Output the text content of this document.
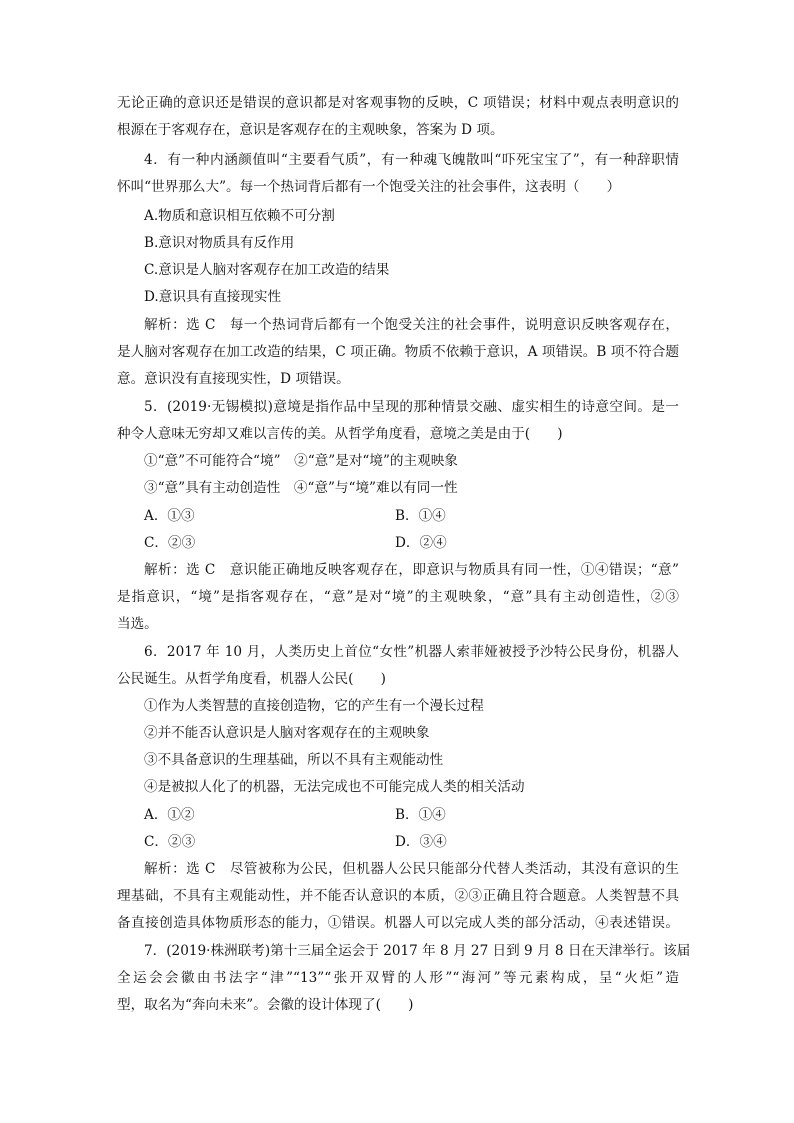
无论正确的意识还是错误的意识都是对客观事物的反映，C 项错误；材料中观点表明意识的
根源在于客观存在，意识是客观存在的主观映象，答案为 D 项。
4．有一种内涵颜值叫“主要看气质”，有一种魂飞魄散叫“吓死宝宝了”，有一种辞职情
怀叫“世界那么大”。每一个热词背后都有一个饱受关注的社会事件，这表明（　　）
A.物质和意识相互依赖不可分割
B.意识对物质具有反作用
C.意识是人脑对客观存在加工改造的结果
D.意识具有直接现实性
解析：选 C　每一个热词背后都有一个饱受关注的社会事件，说明意识反映客观存在，
是人脑对客观存在加工改造的结果，C 项正确。物质不依赖于意识，A 项错误。B 项不符合题
意。意识没有直接现实性，D 项错误。
5．(2019·无锡模拟)意境是指作品中呈现的那种情景交融、虚实相生的诗意空间。是一
种令人意味无穷却又难以言传的美。从哲学角度看，意境之美是由于(　　)
①“意”不可能符合“境”　②“意”是对“境”的主观映象
③“意”具有主动创造性　④“意”与“境”难以有同一性
A．①③	B．①④
C．②③	D．②④
解析：选 C　意识能正确地反映客观存在，即意识与物质具有同一性，①④错误；“意”
是指意识，“境”是指客观存在，“意”是对“境”的主观映象，“意”具有主动创造性，②③
当选。
6．2017 年 10 月，人类历史上首位“女性”机器人索菲娅被授予沙特公民身份，机器人
公民诞生。从哲学角度看，机器人公民(　　)
①作为人类智慧的直接创造物，它的产生有一个漫长过程
②并不能否认意识是人脑对客观存在的主观映象
③不具备意识的生理基础，所以不具有主观能动性
④是被拟人化了的机器，无法完成也不可能完成人类的相关活动
A．①②	B．①④
C．②③	D．③④
解析：选 C　尽管被称为公民，但机器人公民只能部分代替人类活动，其没有意识的生
理基础，不具有主观能动性，并不能否认意识的本质，②③正确且符合题意。人类智慧不具
备直接创造具体物质形态的能力，①错误。机器人可以完成人类的部分活动，④表述错误。
7．(2019·株洲联考)第十三届全运会于 2017 年 8 月 27 日到 9 月 8 日在天津举行。该届
全运会会徽由书法字“津”“13”“张开双臂的人形”“海河”等元素构成，呈“火炬”造
型，取名为“奔向未来”。会徽的设计体现了(　　)
